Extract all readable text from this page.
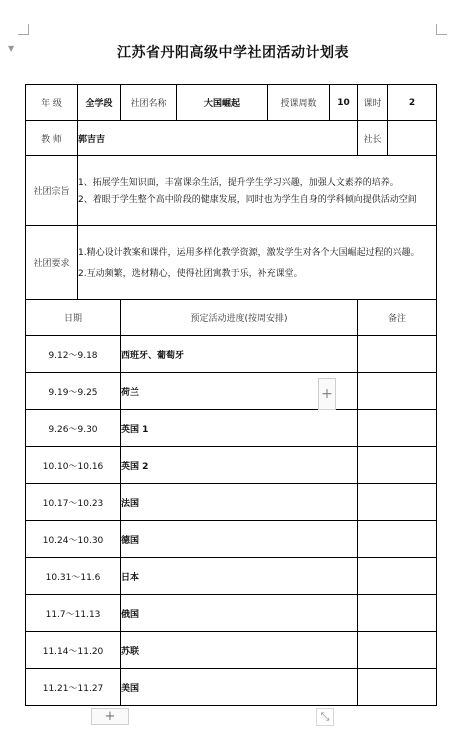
▼	江苏省丹阳高级中学社团活动计划表
年 级	全学段	社团名称	大国崛起	授课周数	10	课时	2
教 师	郭吉吉					社长	
社团宗旨	1、拓展学生知识面，丰富课余生活，提升学生学习兴趣，加强人文素养的培养。
2、着眼于学生整个高中阶段的健康发展，同时也为学生自身的学科倾向提供活动空间						

社团要求	1.精心设计教案和课件，运用多样化教学资源，激发学生对各个大国崛起过程的兴趣。
2.互动频繁，选材精心，使得社团寓教于乐，补充课堂。						

日期		预定活动进度(按周安排)				备注	
9.12～9.18		西班牙、葡萄牙					
9.19～9.25		荷兰					
9.26～9.30		英国 1					
10.10～10.16		英国 2					
10.17～10.23		法国					
10.24～10.30		德国					
10.31～11.6		日本					
11.7～11.13		俄国					
11.14～11.20		苏联					
11.21～11.27		美国					
+
+	⤡
